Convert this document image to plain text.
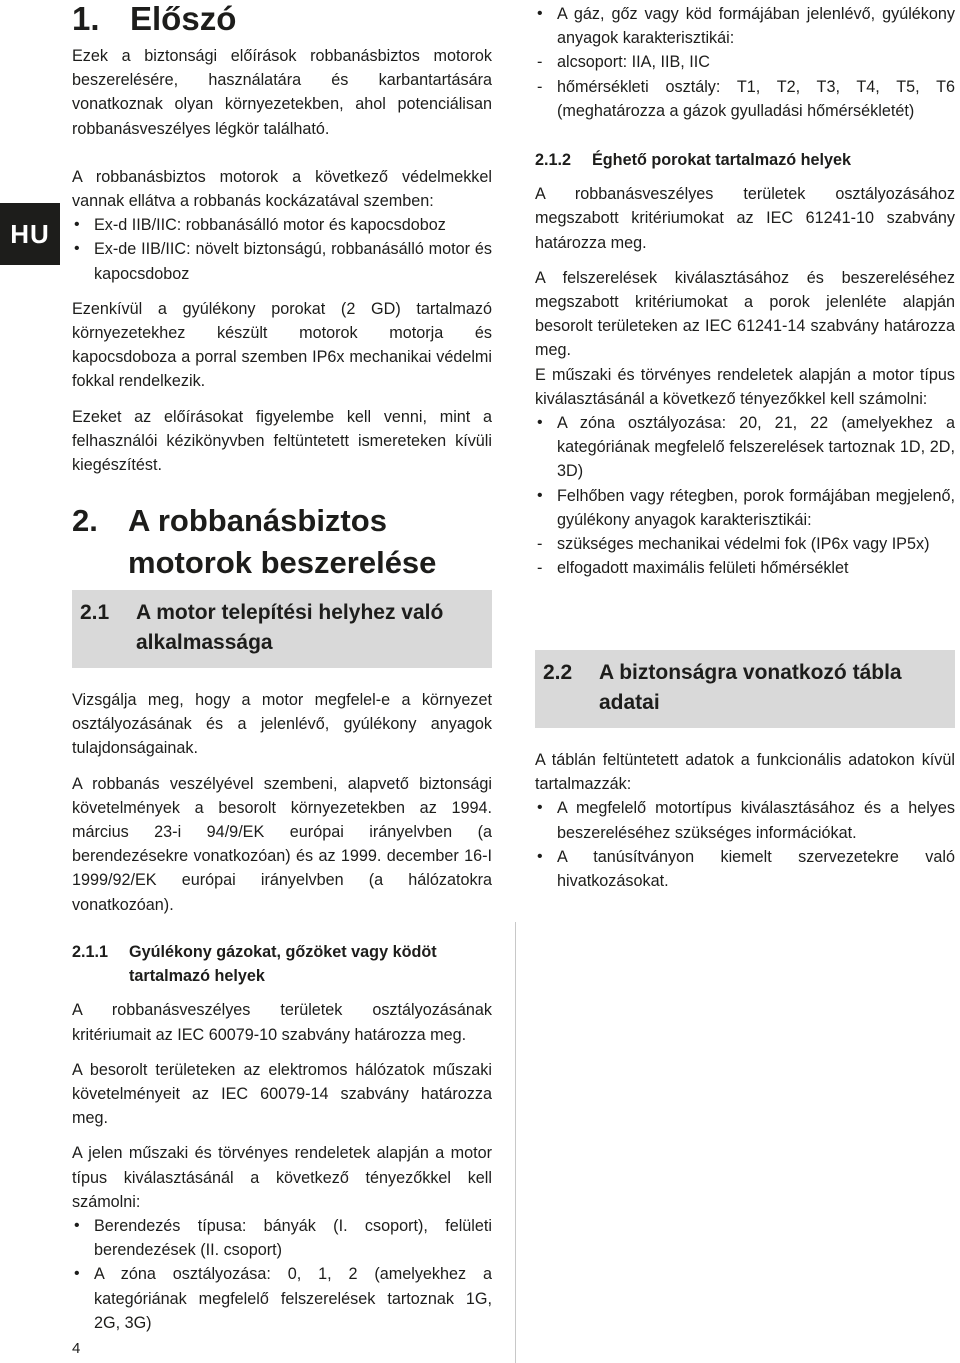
HU
1. Előszó

Ezek a biztonsági előírások robbanásbiztos motorok beszerelésére, használatára és karbantartására vonatkoznak olyan környezetekben, ahol potenciálisan robbanásveszélyes légkör található.

A robbanásbiztos motorok a következő védelmekkel vannak ellátva a robbanás kockázatával szemben:

• Ex-d IIB/IIC: robbanásálló motor és kapocsdoboz
• Ex-de IIB/IIC: növelt biztonságú, robbanásálló motor és kapocsdoboz

Ezenkívül a gyúlékony porokat (2 GD) tartalmazó környezetekhez készült motorok motorja és kapocsdoboza a porral szemben IP6x mechanikai védelmi fokkal rendelkezik.

Ezeket az előírásokat figyelembe kell venni, mint a felhasználói kézikönyvben feltüntetett ismereteken kívüli kiegészítést.

2. A robbanásbiztos motorok beszerelése
2.1	A motor telepítési helyhez való alkalmassága

Vizsgálja meg, hogy a motor megfelel-e a környezet osztályozásának és a jelenlévő, gyúlékony anyagok tulajdonságainak.

A robbanás veszélyével szembeni, alapvető biztonsági követelmények a besorolt környezetekben az 1994. március 23-i 94/9/EK európai irányelvben (a berendezésekre vonatkozóan) és az 1999. december 16-I 1999/92/EK európai irányelvben (a hálózatokra vonatkozóan).

2.1.1	Gyúlékony gázokat, gőzöket vagy ködöt tartalmazó helyek

A robbanásveszélyes területek osztályozásának kritériumait az IEC 60079-10 szabvány határozza meg.

A besorolt területeken az elektromos hálózatok műszaki követelményeit az IEC 60079-14 szabvány határozza meg.

A jelen műszaki és törvényes rendeletek alapján a motor típus kiválasztásánál a következő tényezőkkel kell számolni:

• Berendezés típusa: bányák (I. csoport), felületi berendezések (II. csoport)
• A zóna osztályozása: 0, 1, 2 (amelyekhez a kategóriának megfelelő felszerelések tartoznak 1G, 2G, 3G)
4
• A gáz, gőz vagy köd formájában jelenlévő, gyúlékony anyagok karakterisztikái:
- alcsoport: IIA, IIB, IIC
- hőmérsékleti osztály: T1, T2, T3, T4, T5, T6 (meghatározza a gázok gyulladási hőmérsékletét)
2.1.2	Éghető porokat tartalmazó helyek

A robbanásveszélyes területek osztályozásához megszabott kritériumokat az IEC 61241-10 szabvány határozza meg.

A felszerelések kiválasztásához és beszereléséhez megszabott kritériumokat a porok jelenléte alapján besorolt területeken az IEC 61241-14 szabvány határozza meg.

E műszaki és törvényes rendeletek alapján a motor típus kiválasztásánál a következő tényezőkkel kell számolni:

• A zóna osztályozása: 20, 21, 22 (amelyekhez a kategóriának megfelelő felszerelések tartoznak 1D, 2D, 3D)
• Felhőben vagy rétegben, porok formájában megjelenő, gyúlékony anyagok karakterisztikái:
- szükséges mechanikai védelmi fok (IP6x vagy IP5x)
- elfogadott maximális felületi hőmérséklet
2.2	A biztonságra vonatkozó tábla adatai

A táblán feltüntetett adatok a funkcionális adatokon kívül tartalmazzák:

• A megfelelő motortípus kiválasztásához és a helyes beszereléséhez szükséges információkat.
• A tanúsítványon kiemelt szervezetekre való hivatkozásokat.
